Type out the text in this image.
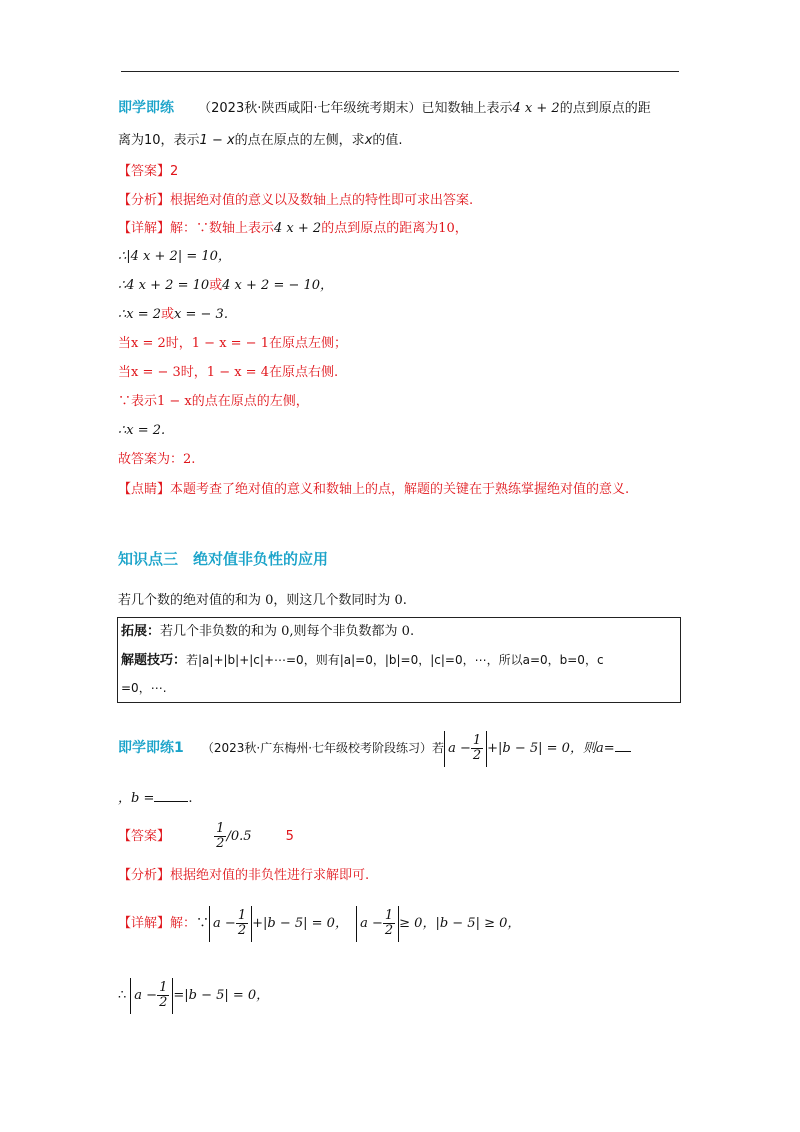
即学即练 （2023秋·陕西咸阳·七年级统考期末）已知数轴上表示4 x + 2的点到原点的距
离为10，表示1 − x的点在原点的左侧，求x的值.
【答案】2
【分析】根据绝对值的意义以及数轴上点的特性即可求出答案.
【详解】解：∵数轴上表示4 x + 2的点到原点的距离为10，
∴|4 x + 2| = 10，
∴4 x + 2 = 10或4 x + 2 = − 10，
∴x = 2或x = − 3.
当x = 2时，1 − x = − 1在原点左侧；
当x = − 3时，1 − x = 4在原点右侧.
∵表示1 − x的点在原点的左侧，
∴x = 2.
故答案为：2.
【点睛】本题考查了绝对值的意义和数轴上的点，解题的关键在于熟练掌握绝对值的意义.
知识点三　绝对值非负性的应用
若几个数的绝对值的和为 0，则这几个数同时为 0.
拓展：若几个非负数的和为 0,则每个非负数都为 0.
解题技巧：若|a|+|b|+|c|+⋯=0，则有|a|=0，|b|=0，|c|=0，⋯，所以a=0，b=0，c
=0，⋯.
即学即练1 （2023秋·广东梅州·七年级校考阶段练习）若 $a - \frac{1}{2} +|b - 5| = 0$，则a=
，b =	.
【答案】	$\frac{1}{2}$ ∕0.5	5
【分析】根据绝对值的非负性进行求解即可.
【详解】解：∵ $a - \frac{1}{2} +|b - 5| = 0$， $a - \frac{1}{2} \ge 0$，|b − 5| ≥ 0，
∴ $a - \frac{1}{2} =|b - 5| = 0$，
